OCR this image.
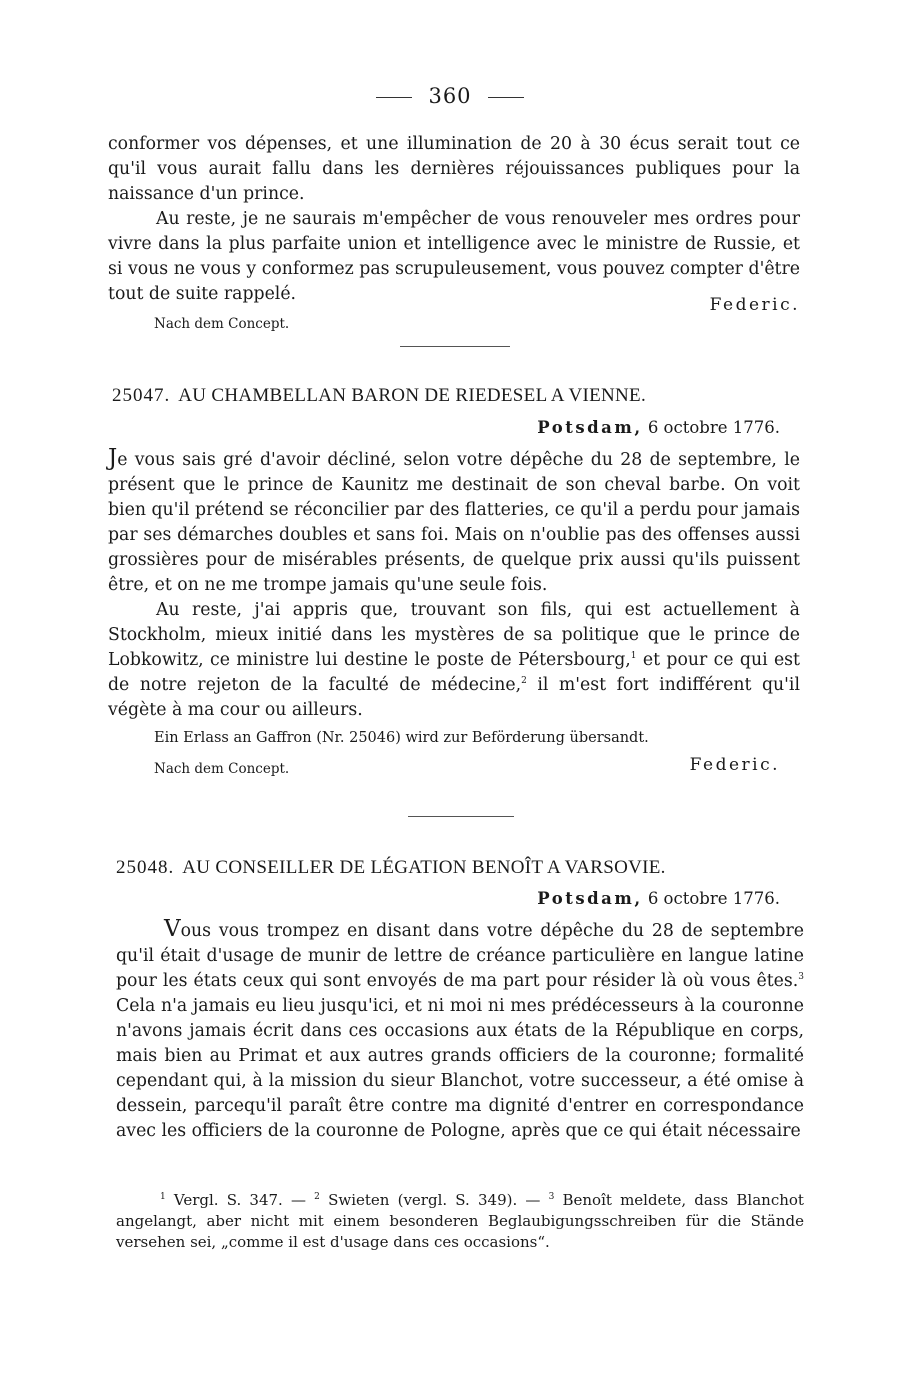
360

conformer vos dépenses, et une illumination de 20 à 30 écus serait tout ce qu'il vous aurait fallu dans les dernières réjouissances publiques pour la naissance d'un prince.

Au reste, je ne saurais m'empêcher de vous renouveler mes ordres pour vivre dans la plus parfaite union et intelligence avec le ministre de Russie, et si vous ne vous y conformez pas scrupuleusement, vous pouvez compter d'être tout de suite rappelé.

Federic.
Nach dem Concept.
25047. AU CHAMBELLAN BARON DE RIEDESEL A VIENNE.
Potsdam, 6 octobre 1776.

Je vous sais gré d'avoir décliné, selon votre dépêche du 28 de septembre, le présent que le prince de Kaunitz me destinait de son cheval barbe. On voit bien qu'il prétend se réconcilier par des flatteries, ce qu'il a perdu pour jamais par ses démarches doubles et sans foi. Mais on n'oublie pas des offenses aussi grossières pour de misérables présents, de quelque prix aussi qu'ils puissent être, et on ne me trompe jamais qu'une seule fois.

Au reste, j'ai appris que, trouvant son fils, qui est actuellement à Stockholm, mieux initié dans les mystères de sa politique que le prince de Lobkowitz, ce ministre lui destine le poste de Pétersbourg,$^1$ et pour ce qui est de notre rejeton de la faculté de médecine,$^2$ il m'est fort indifférent qu'il végète à ma cour ou ailleurs.

Ein Erlass an Gaffron (Nr. 25046) wird zur Beförderung übersandt.
Nach dem Concept.	Federic.
25048. AU CONSEILLER DE LÉGATION BENOÎT A VARSOVIE.
Potsdam, 6 octobre 1776.

Vous vous trompez en disant dans votre dépêche du 28 de septembre qu'il était d'usage de munir de lettre de créance particulière en langue latine pour les états ceux qui sont envoyés de ma part pour résider là où vous êtes.$^3$ Cela n'a jamais eu lieu jusqu'ici, et ni moi ni mes prédécesseurs à la couronne n'avons jamais écrit dans ces occasions aux états de la République en corps, mais bien au Primat et aux autres grands officiers de la couronne; formalité cependant qui, à la mission du sieur Blanchot, votre successeur, a été omise à dessein, parcequ'il paraît être contre ma dignité d'entrer en correspondance avec les officiers de la couronne de Pologne, après que ce qui était nécessaire

$^1$ Vergl. S. 347. — $^2$ Swieten (vergl. S. 349). — $^3$ Benoît meldete, dass Blanchot angelangt, aber nicht mit einem besonderen Beglaubigungsschreiben für die Stände versehen sei, „comme il est d'usage dans ces occasions“.
